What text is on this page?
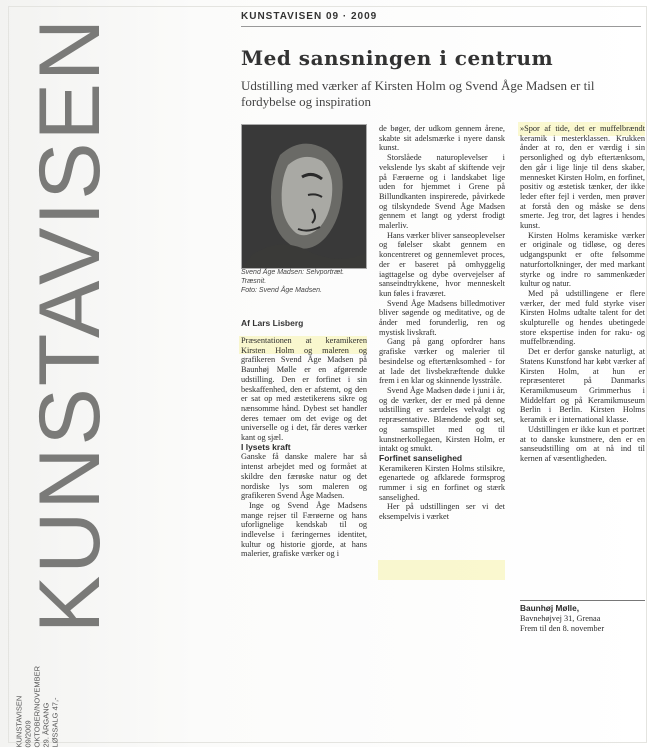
KUNSTAVISEN
KUNSTAVISEN 09/2009 OKTOBER/NOVEMBER 29. ÅRGANG LØSSALG 47,-
KUNSTAVISEN 09 · 2009
Med sansningen i centrum
Udstilling med værker af Kirsten Holm og Svend Åge Madsen er til fordybelse og inspiration
Svend Åge Madsen: Selvportræt.
Træsnit.
Foto: Svend Åge Madsen.
Af Lars Lisberg

Præsentationen at keramikeren Kirsten Holm og maleren og grafikeren Svend Åge Madsen på Baunhøj Mølle er en afgørende udstilling. Den er forfinet i sin beskaffenhed, den er afstemt, og den er sat op med æstetikerens sikre og nænsomme hånd. Dybest set handler deres temaer om det evige og det universelle og i det, får deres værker kant og sjæl.

I lysets kraft

Ganske få danske malere har så intenst arbejdet med og formået at skildre den færøske natur og det nordiske lys som maleren og grafikeren Svend Åge Madsen.

Inge og Svend Åge Madsens mange rejser til Færøerne og hans uforlignelige kendskab til og indlevelse i færingernes identitet, kultur og historie gjorde, at hans malerier, grafiske værker og i

de bøger, der udkom gennem årene, skabte sit adelsmærke i nyere dansk kunst.

Storslåede naturoplevelser i vekslende lys skabt af skiftende vejr på Færøerne og i landskabet lige uden for hjemmet i Grene på Billundkanten inspirerede, påvirkede og tilskyndede Svend Åge Madsen gennem et langt og yderst frodigt malerliv.

Hans værker bliver sanseoplevelser og følelser skabt gennem en koncentreret og gennemlevet proces, der er baseret på omhyggelig iagttagelse og dybe overvejelser af sanseindtrykkene, hvor menneskelt kun føles i fraværet.

Svend Åge Madsens billedmotiver bliver søgende og meditative, og de ånder med forunderlig, ren og mystisk livskraft.

Gang på gang opfordrer hans grafiske værker og malerier til besindelse og eftertænksomhed - for at lade det livsbekræftende dukke frem i en klar og skinnende lysstråle.

Svend Åge Madsen døde i juni i år, og de værker, der er med på denne udstilling er særdeles velvalgt og repræsentative. Blændende godt set, og samspillet med og til kunstnerkollegaen, Kirsten Holm, er intakt og smukt.

Forfinet sanselighed

Keramikeren Kirsten Holms stilsikre, egenartede og afklarede formsprog rummer i sig en forfinet og stærk sanselighed.

Her på udstillingen ser vi det eksempelvis i værket

»Spor af tide, det er muffelbrændt keramik i mesterklassen. Krukken ånder at ro, den er værdig i sin personlighed og dyb eftertænksom, den går i lige linje til dens skaber, mennesket Kirsten Holm, en forfinet, positiv og æstetisk tænker, der ikke leder efter fejl i verden, men prøver at forstå den og måske se dens smerte. Jeg tror, det lagres i hendes kunst.

Kirsten Holms keramiske værker er originale og tidløse, og deres udgangspunkt er ofte følsomme naturfortolkninger, der med markant styrke og indre ro sammenkæder kultur og natur.

Med på udstillingene er flere værker, der med fuld styrke viser Kirsten Holms udtalte talent for det skulpturelle og hendes ubetingede store ekspertise inden for raku- og muffelbrænding.

Det er derfor ganske naturligt, at Statens Kunstfond har købt værker af Kirsten Holm, at hun er repræsenteret på Danmarks Keramikmuseum Grimmerhus i Middelfart og på Keramikmuseum Berlin i Berlin. Kirsten Holms keramik er i international klasse.

Udstillingen er ikke kun et portræt at to danske kunstnere, den er en sanseudstilling om at nå ind til kernen af væsentligheden.

Baunhøj Mølle,
Bavnehøjvej 31, Grenaa
Frem til den 8. november
